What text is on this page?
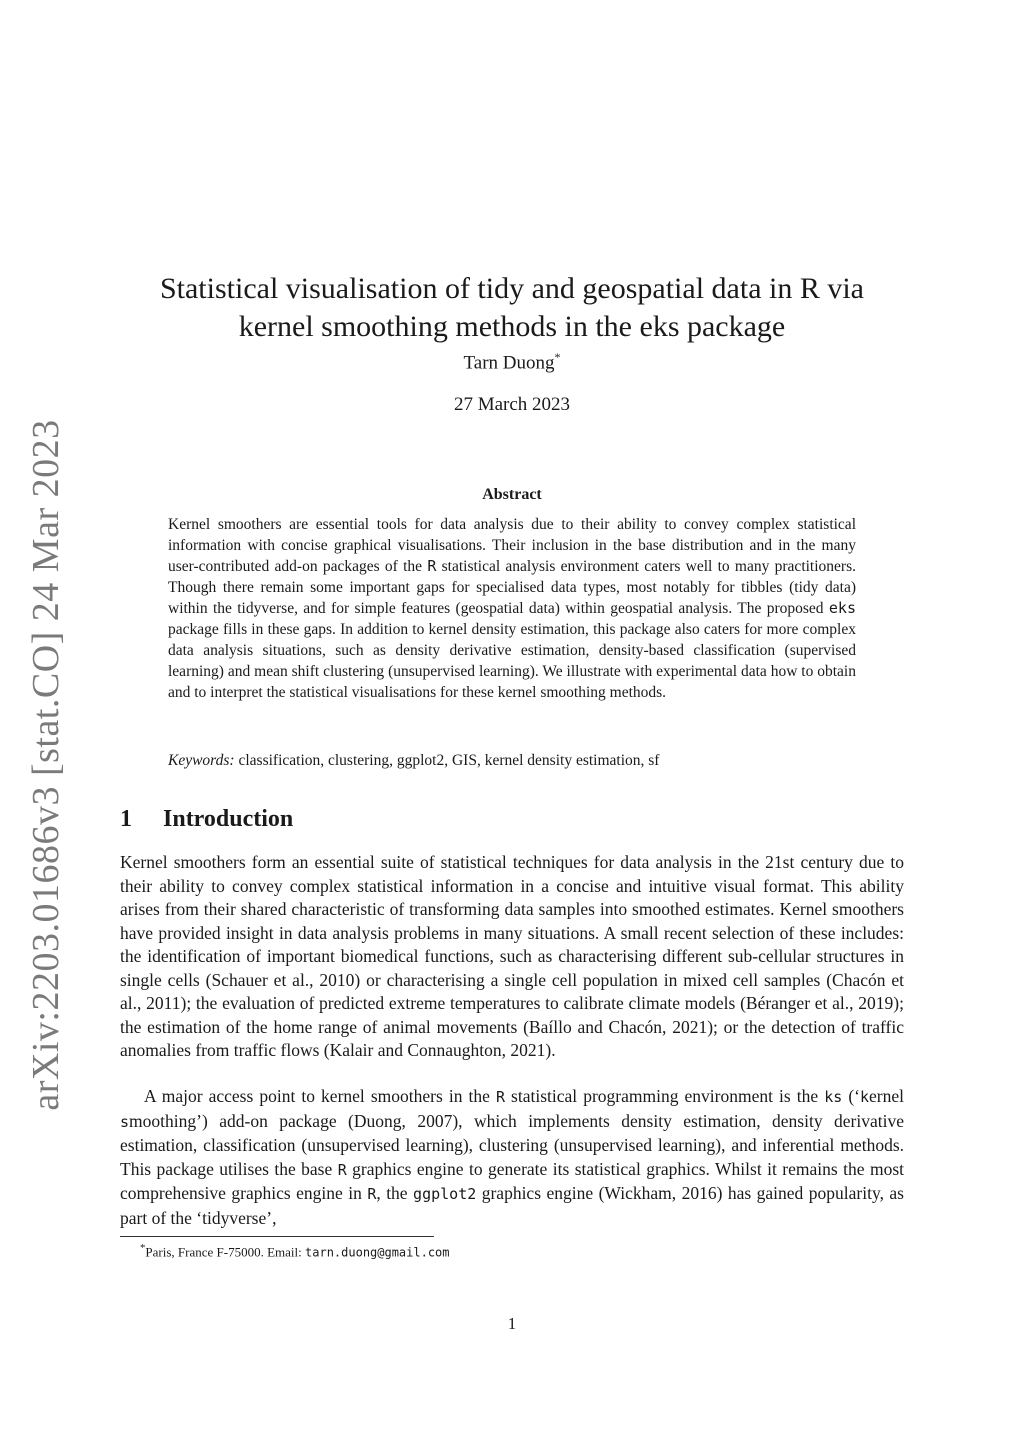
arXiv:2203.01686v3 [stat.CO] 24 Mar 2023
Statistical visualisation of tidy and geospatial data in R via
kernel smoothing methods in the eks package
Tarn Duong*
27 March 2023
Abstract

Kernel smoothers are essential tools for data analysis due to their ability to convey complex statistical information with concise graphical visualisations. Their inclusion in the base distribution and in the many user-contributed add-on packages of the R statistical analysis environment caters well to many practitioners. Though there remain some important gaps for specialised data types, most notably for tibbles (tidy data) within the tidyverse, and for simple features (geospatial data) within geospatial analysis. The proposed eks package fills in these gaps. In addition to kernel density estimation, this package also caters for more complex data analysis situations, such as density derivative estimation, density-based classification (supervised learning) and mean shift clustering (unsupervised learning). We illustrate with experimental data how to obtain and to interpret the statistical visualisations for these kernel smoothing methods.

Keywords: classification, clustering, ggplot2, GIS, kernel density estimation, sf

1 Introduction

Kernel smoothers form an essential suite of statistical techniques for data analysis in the 21st century due to their ability to convey complex statistical information in a concise and intuitive visual format. This ability arises from their shared characteristic of transforming data samples into smoothed estimates. Kernel smoothers have provided insight in data analysis problems in many situations. A small recent selection of these includes: the identification of important biomedical functions, such as characterising different sub-cellular structures in single cells (Schauer et al., 2010) or characterising a single cell population in mixed cell samples (Chacón et al., 2011); the evaluation of predicted extreme temperatures to calibrate climate models (Béranger et al., 2019); the estimation of the home range of animal movements (Baíllo and Chacón, 2021); or the detection of traffic anomalies from traffic flows (Kalair and Connaughton, 2021).

A major access point to kernel smoothers in the R statistical programming environment is the ks (‘kernel smoothing’) add-on package (Duong, 2007), which implements density estimation, density derivative estimation, classification (unsupervised learning), clustering (unsupervised learning), and inferential methods. This package utilises the base R graphics engine to generate its statistical graphics. Whilst it remains the most comprehensive graphics engine in R, the ggplot2 graphics engine (Wickham, 2016) has gained popularity, as part of the ‘tidyverse’,

*Paris, France F-75000. Email: tarn.duong@gmail.com
1
